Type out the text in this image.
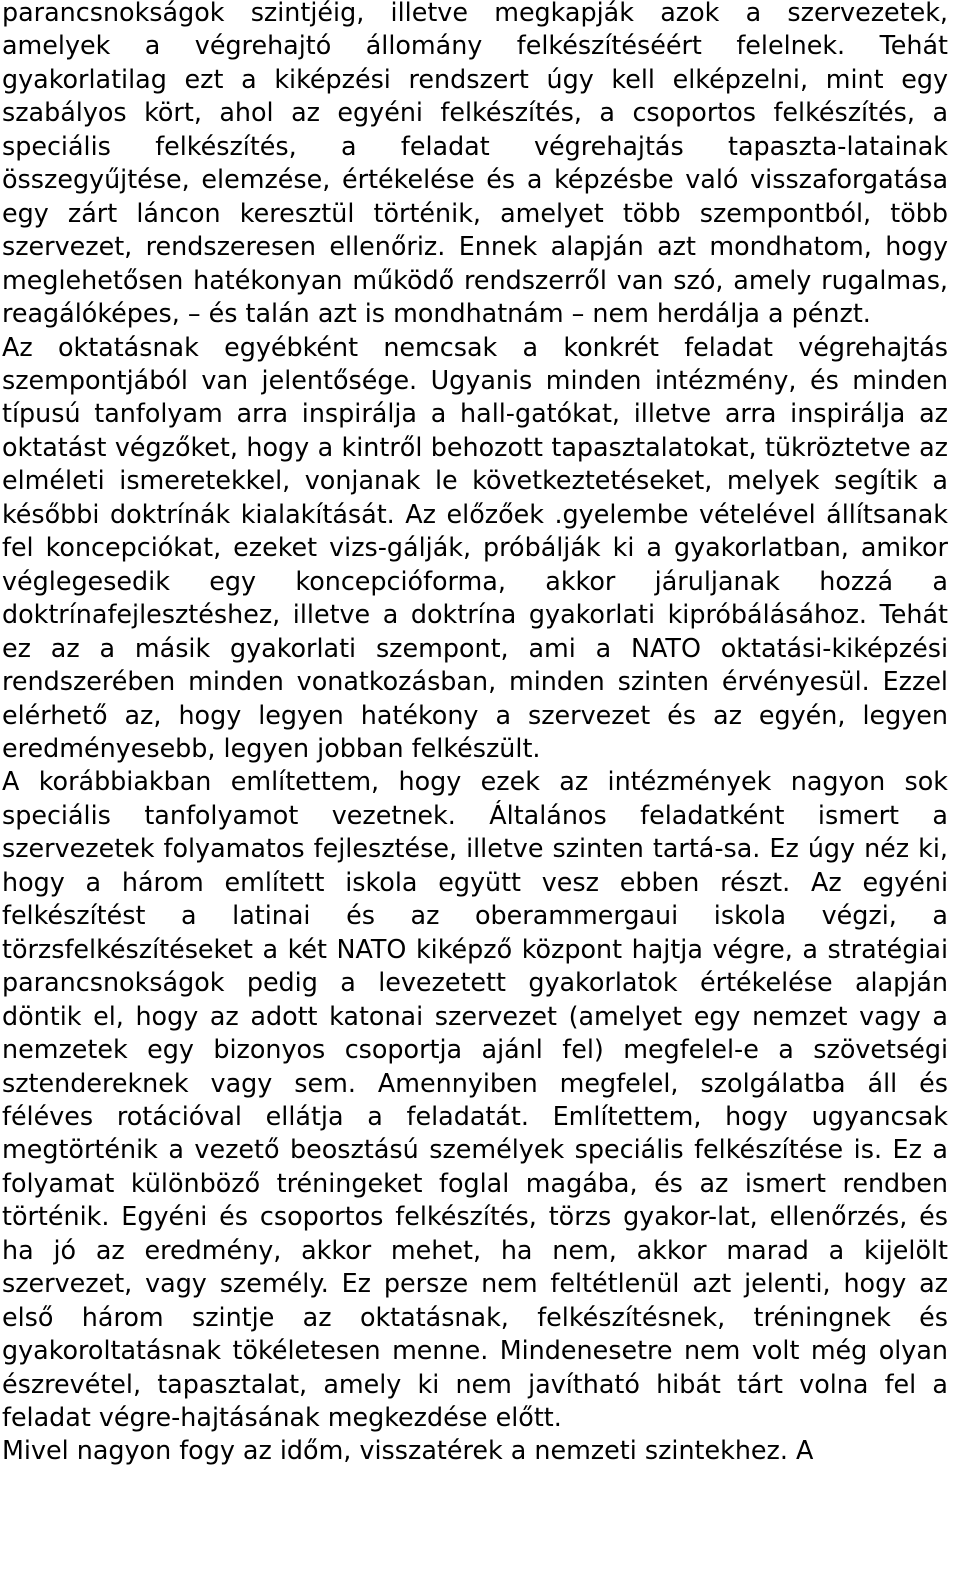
parancsnokságok szintjéig, illetve megkapják azok a szervezetek, amelyek a végrehajtó állomány felkészítéséért felelnek. Tehát gyakorlatilag ezt a kiképzési rendszert úgy kell elképzelni, mint egy szabályos kört, ahol az egyéni felkészítés, a csoportos felkészítés, a speciális felkészítés, a feladat végrehajtás tapaszta-latainak összegyűjtése, elemzése, értékelése és a képzésbe való visszaforgatása egy zárt láncon keresztül történik, amelyet több szempontból, több szervezet, rendszeresen ellenőriz. Ennek alapján azt mondhatom, hogy meglehetősen hatékonyan működő rendszerről van szó, amely rugalmas, reagálóképes, – és talán azt is mondhatnám – nem herdálja a pénzt.

Az oktatásnak egyébként nemcsak a konkrét feladat végrehajtás szempontjából van jelentősége. Ugyanis minden intézmény, és minden típusú tanfolyam arra inspirálja a hall-gatókat, illetve arra inspirálja az oktatást végzőket, hogy a kintről behozott tapasztalatokat, tükröztetve az elméleti ismeretekkel, vonjanak le következtetéseket, melyek segítik a későbbi doktrínák kialakítását. Az előzőek .gyelembe vételével állítsanak fel koncepciókat, ezeket vizs-gálják, próbálják ki a gyakorlatban, amikor véglegesedik egy koncepcióforma, akkor járuljanak hozzá a doktrínafejlesztéshez, illetve a doktrína gyakorlati kipróbálásához. Tehát ez az a másik gyakorlati szempont, ami a NATO oktatási-kiképzési rendszerében minden vonatkozásban, minden szinten érvényesül. Ezzel elérhető az, hogy legyen hatékony a szervezet és az egyén, legyen eredményesebb, legyen jobban felkészült.

A korábbiakban említettem, hogy ezek az intézmények nagyon sok speciális tanfolyamot vezetnek. Általános feladatként ismert a szervezetek folyamatos fejlesztése, illetve szinten tartá-sa. Ez úgy néz ki, hogy a három említett iskola együtt vesz ebben részt. Az egyéni felkészítést a latinai és az oberammergaui iskola végzi, a törzsfelkészítéseket a két NATO kiképző központ hajtja végre, a stratégiai parancsnokságok pedig a levezetett gyakorlatok értékelése alapján döntik el, hogy az adott katonai szervezet (amelyet egy nemzet vagy a nemzetek egy bizonyos csoportja ajánl fel) megfelel-e a szövetségi sztendereknek vagy sem. Amennyiben megfelel, szolgálatba áll és féléves rotációval ellátja a feladatát. Említettem, hogy ugyancsak megtörténik a vezető beosztású személyek speciális felkészítése is. Ez a folyamat különböző tréningeket foglal magába, és az ismert rendben történik. Egyéni és csoportos felkészítés, törzs gyakor-lat, ellenőrzés, és ha jó az eredmény, akkor mehet, ha nem, akkor marad a kijelölt szervezet, vagy személy. Ez persze nem feltétlenül azt jelenti, hogy az első három szintje az oktatásnak, felkészítésnek, tréningnek és gyakoroltatásnak tökéletesen menne. Mindenesetre nem volt még olyan észrevétel, tapasztalat, amely ki nem javítható hibát tárt volna fel a feladat végre-hajtásának megkezdése előtt.

Mivel nagyon fogy az időm, visszatérek a nemzeti szintekhez. A
